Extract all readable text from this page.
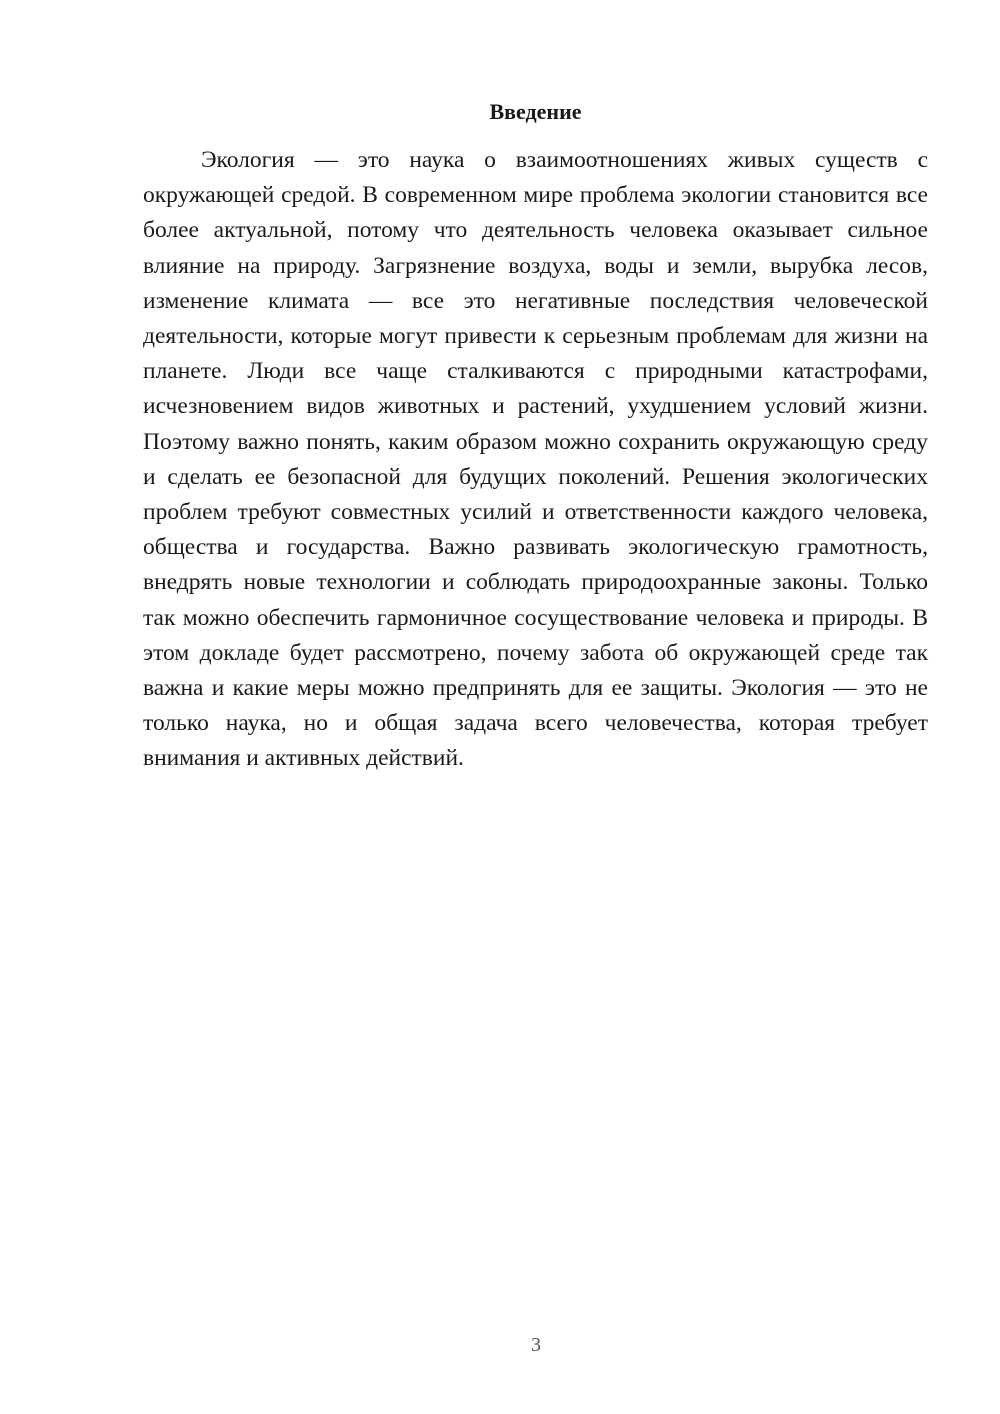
Введение

Экология — это наука о взаимоотношениях живых существ с окружающей средой. В современном мире проблема экологии становится все более актуальной, потому что деятельность человека оказывает сильное влияние на природу. Загрязнение воздуха, воды и земли, вырубка лесов, изменение климата — все это негативные последствия человеческой деятельности, которые могут привести к серьезным проблемам для жизни на планете. Люди все чаще сталкиваются с природными катастрофами, исчезновением видов животных и растений, ухудшением условий жизни. Поэтому важно понять, каким образом можно сохранить окружающую среду и сделать ее безопасной для будущих поколений. Решения экологических проблем требуют совместных усилий и ответственности каждого человека, общества и государства. Важно развивать экологическую грамотность, внедрять новые технологии и соблюдать природоохранные законы. Только так можно обеспечить гармоничное сосуществование человека и природы. В этом докладе будет рассмотрено, почему забота об окружающей среде так важна и какие меры можно предпринять для ее защиты. Экология — это не только наука, но и общая задача всего человечества, которая требует внимания и активных действий.

3
